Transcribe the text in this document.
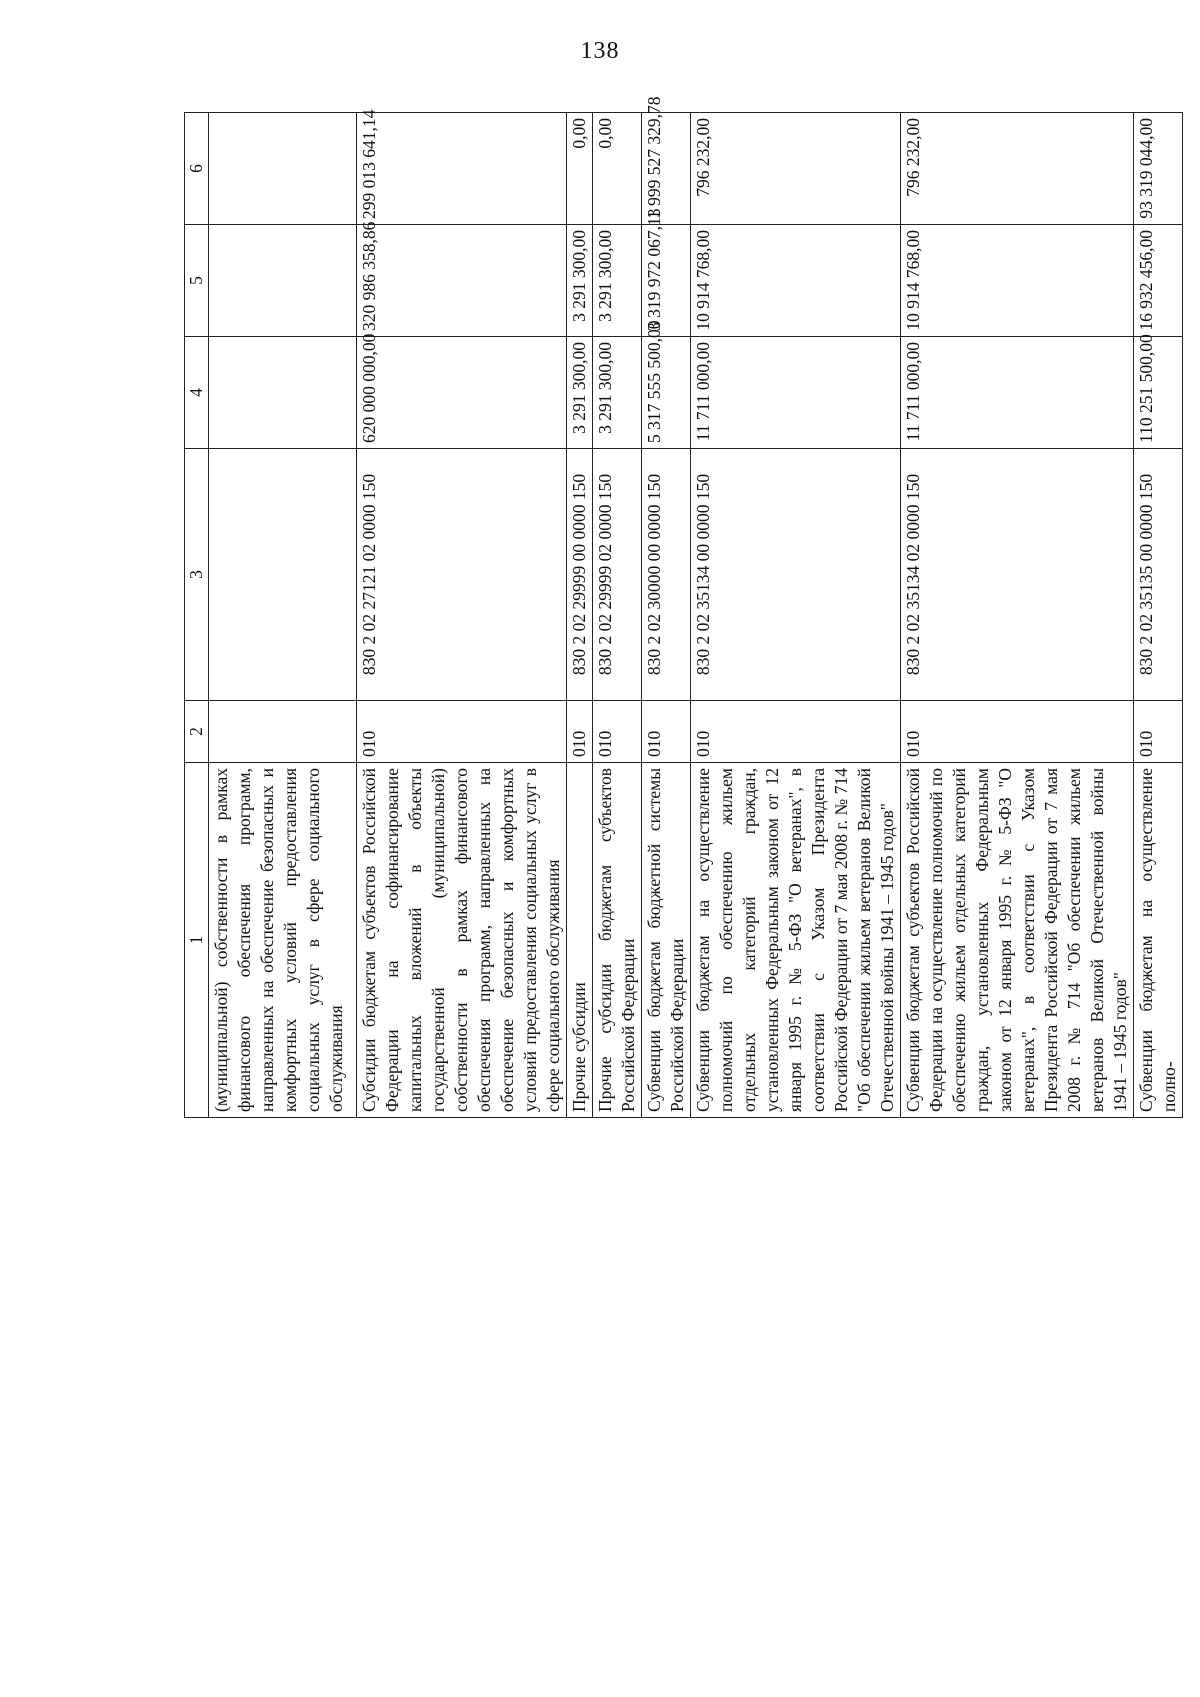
138
1	2	3	4	5	6
(муниципальной) собственности в рамках финансового обеспечения программ, направленных на обеспечение безопасных и комфортных условий предоставления социальных услуг в сфере социального обслуживания					
Субсидии бюджетам субъектов Российской Федерации на софинансирование капитальных вложений в объекты государственной (муниципальной) собственности в рамках финансового обеспечения программ, направленных на обеспечение безопасных и комфортных условий предоставления социальных услуг в сфере социального обслуживания	010	830 2 02 27121 02 0000 150	620 000 000,00	320 986 358,86	299 013 641,14
Прочие субсидии	010	830 2 02 29999 00 0000 150	3 291 300,00	3 291 300,00	0,00
Прочие субсидии бюджетам субъектов Российской Федерации	010	830 2 02 29999 02 0000 150	3 291 300,00	3 291 300,00	0,00
Субвенции бюджетам бюджетной системы Российской Федерации	010	830 2 02 30000 00 0000 150	5 317 555 500,00	3 319 972 067,13	1 999 527 329,78
Субвенции бюджетам на осуществление полномочий по обеспечению жильем отдельных категорий граждан, установленных Федеральным законом от 12 января 1995 г. № 5-ФЗ "О ветеранах", в соответствии с Указом Президента Российской Федерации от 7 мая 2008 г. № 714 "Об обеспечении жильем ветеранов Великой Отечественной войны 1941 – 1945 годов"	010	830 2 02 35134 00 0000 150	11 711 000,00	10 914 768,00	796 232,00
Субвенции бюджетам субъектов Российской Федерации на осуществление полномочий по обеспечению жильем отдельных категорий граждан, установленных Федеральным законом от 12 января 1995 г. № 5-ФЗ "О ветеранах", в соответствии с Указом Президента Российской Федерации от 7 мая 2008 г. № 714 "Об обеспечении жильем ветеранов Великой Отечественной войны 1941 – 1945 годов"	010	830 2 02 35134 02 0000 150	11 711 000,00	10 914 768,00	796 232,00
Субвенции бюджетам на осуществление полно-	010	830 2 02 35135 00 0000 150	110 251 500,00	16 932 456,00	93 319 044,00
